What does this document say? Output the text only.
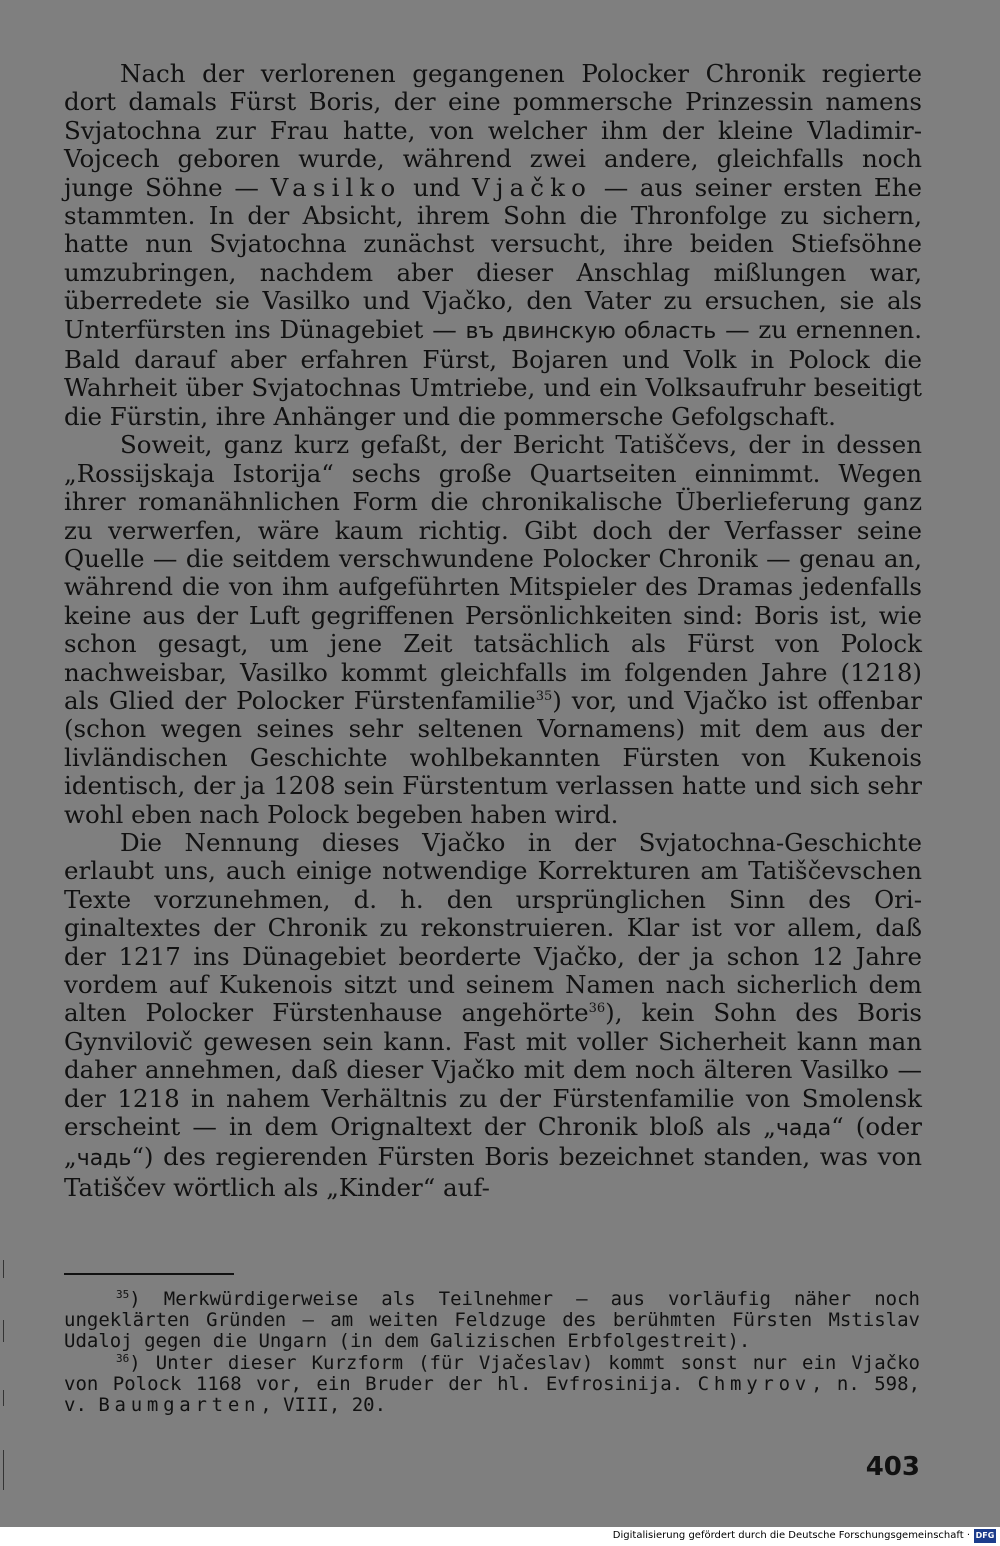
Nach der verlorenen gegangenen Polocker Chronik regierte dort damals Fürst Boris, der eine pommersche Prinzessin namens Svjatochna zur Frau hatte, von welcher ihm der kleine Vladimir-Vojcech geboren wurde, während zwei andere, gleichfalls noch junge Söhne — Vasilko und Vjačko — aus seiner ersten Ehe stammten. In der Absicht, ihrem Sohn die Thronfolge zu sichern, hatte nun Svjatochna zunächst versucht, ihre beiden Stiefsöhne umzubringen, nachdem aber dieser Anschlag mißlungen war, überredete sie Vasilko und Vjačko, den Vater zu ersuchen, sie als Unterfürsten ins Dünagebiet — въ двинскую область — zu ernennen. Bald darauf aber erfahren Fürst, Bojaren und Volk in Polock die Wahrheit über Svjatochnas Umtriebe, und ein Volksaufruhr beseitigt die Fürstin, ihre Anhänger und die pommersche Gefolgschaft.

Soweit, ganz kurz gefaßt, der Bericht Tatiščevs, der in dessen „Rossijskaja Istorija“ sechs große Quartseiten einnimmt. Wegen ihrer romanähnlichen Form die chronikalische Überlieferung ganz zu verwerfen, wäre kaum richtig. Gibt doch der Verfasser seine Quelle — die seitdem verschwundene Polocker Chronik — genau an, während die von ihm aufgeführten Mitspieler des Dramas jedenfalls keine aus der Luft gegriffenen Persönlichkeiten sind: Boris ist, wie schon gesagt, um jene Zeit tatsächlich als Fürst von Polock nachweisbar, Vasilko kommt gleichfalls im folgenden Jahre (1218) als Glied der Polocker Fürstenfamilie$^{35}$) vor, und Vjačko ist offenbar (schon wegen seines sehr seltenen Vornamens) mit dem aus der livländischen Geschichte wohlbekannten Fürsten von Kukenois identisch, der ja 1208 sein Fürstentum verlassen hatte und sich sehr wohl eben nach Polock begeben haben wird.

Die Nennung dieses Vjačko in der Svjatochna-Geschichte erlaubt uns, auch einige notwendige Korrekturen am Tatiščevschen Texte vorzunehmen, d. h. den ursprünglichen Sinn des Originaltextes der Chronik zu rekonstruieren. Klar ist vor allem, daß der 1217 ins Dünagebiet beorderte Vjačko, der ja schon 12 Jahre vordem auf Kukenois sitzt und seinem Namen nach sicherlich dem alten Polocker Fürstenhause angehörte$^{36}$), kein Sohn des Boris Gynvilovič gewesen sein kann. Fast mit voller Sicherheit kann man daher annehmen, daß dieser Vjačko mit dem noch älteren Vasilko — der 1218 in nahem Verhältnis zu der Fürstenfamilie von Smolensk erscheint — in dem Orignaltext der Chronik bloß als „чада“ (oder „чадь“) des regierenden Fürsten Boris bezeichnet standen, was von Tatiščev wörtlich als „Kinder“ auf-

$^{35}$) Merkwürdigerweise als Teilnehmer — aus vorläufig näher noch ungeklärten Gründen — am weiten Feldzuge des berühmten Fürsten Mstislav Udaloj gegen die Ungarn (in dem Galizischen Erbfolgestreit).

$^{36}$) Unter dieser Kurzform (für Vjačeslav) kommt sonst nur ein Vjačko von Polock 1168 vor, ein Bruder der hl. Evfrosinija. Chmyrov, n. 598, v. Baumgarten, VIII, 20.

403
Digitalisierung gefördert durch die Deutsche Forschungsgemeinschaft · DFG
